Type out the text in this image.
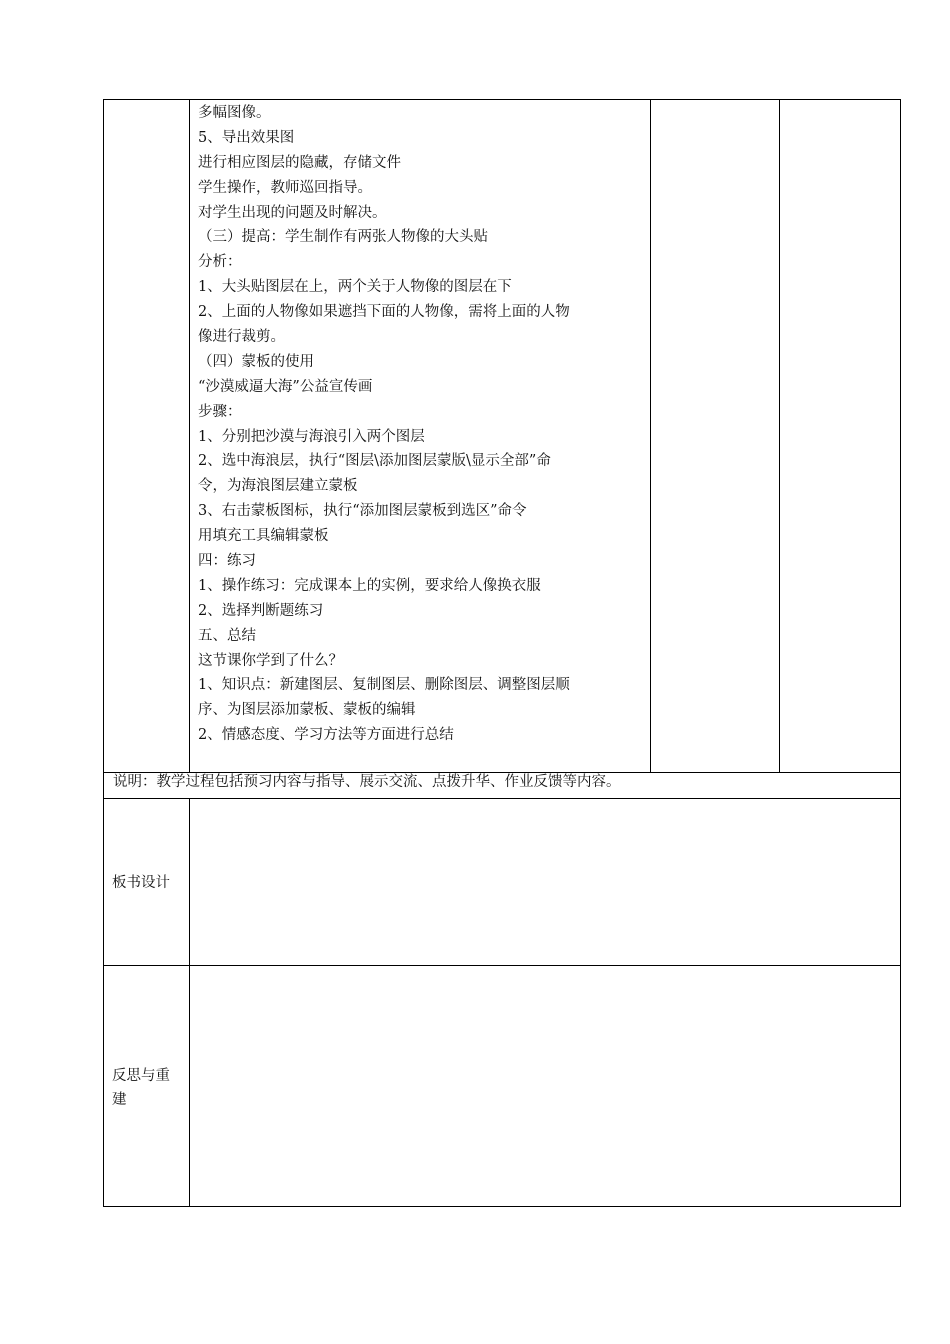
多幅图像。
5、导出效果图
进行相应图层的隐藏，存储文件
学生操作，教师巡回指导。
对学生出现的问题及时解决。
（三）提高：学生制作有两张人物像的大头贴
分析：
1、大头贴图层在上，两个关于人物像的图层在下
2、上面的人物像如果遮挡下面的人物像，需将上面的人物
像进行裁剪。
（四）蒙板的使用
“沙漠威逼大海”公益宣传画
步骤：
1、分别把沙漠与海浪引入两个图层
2、选中海浪层，执行“图层\添加图层蒙版\显示全部”命
令，为海浪图层建立蒙板
3、右击蒙板图标，执行“添加图层蒙板到选区”命令
用填充工具编辑蒙板
四：练习
1、操作练习：完成课本上的实例，要求给人像换衣服
2、选择判断题练习
五、总结
这节课你学到了什么？
1、知识点：新建图层、复制图层、删除图层、调整图层顺
序、为图层添加蒙板、蒙板的编辑
2、情感态度、学习方法等方面进行总结
说明：教学过程包括预习内容与指导、展示交流、点拨升华、作业反馈等内容。
板书设计
反思与重
建
